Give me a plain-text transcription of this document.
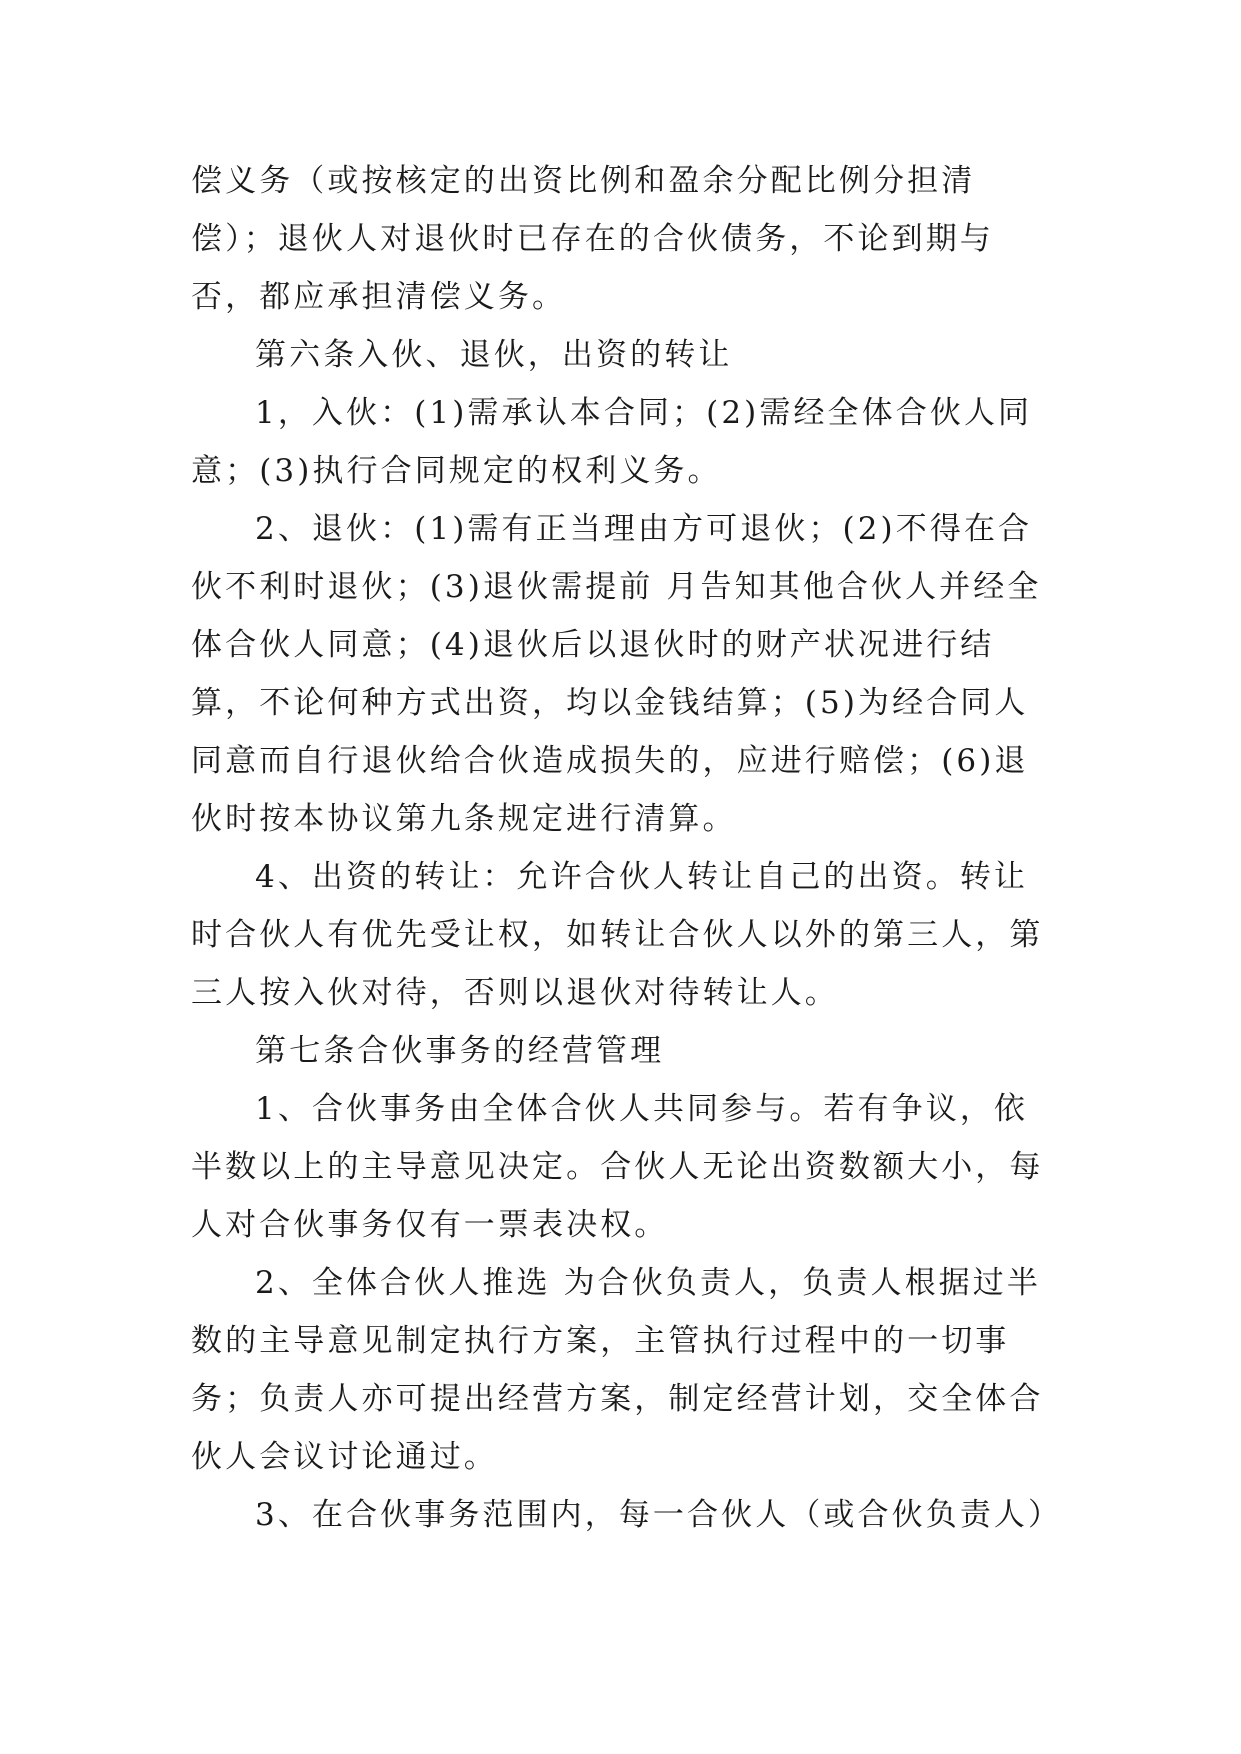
偿义务（或按核定的出资比例和盈余分配比例分担清偿）；退伙人对退伙时已存在的合伙债务，不论到期与否，都应承担清偿义务。

第六条入伙、退伙，出资的转让

1，入伙：(1)需承认本合同；(2)需经全体合伙人同意；(3)执行合同规定的权利义务。

2、退伙：(1)需有正当理由方可退伙；(2)不得在合伙不利时退伙；(3)退伙需提前 月告知其他合伙人并经全体合伙人同意；(4)退伙后以退伙时的财产状况进行结算，不论何种方式出资，均以金钱结算；(5)为经合同人同意而自行退伙给合伙造成损失的，应进行赔偿；(6)退伙时按本协议第九条规定进行清算。

4、出资的转让：允许合伙人转让自己的出资。转让时合伙人有优先受让权，如转让合伙人以外的第三人，第三人按入伙对待，否则以退伙对待转让人。

第七条合伙事务的经营管理

1、合伙事务由全体合伙人共同参与。若有争议，依半数以上的主导意见决定。合伙人无论出资数额大小，每人对合伙事务仅有一票表决权。

2、全体合伙人推选 为合伙负责人，负责人根据过半数的主导意见制定执行方案，主管执行过程中的一切事务；负责人亦可提出经营方案，制定经营计划，交全体合伙人会议讨论通过。

3、在合伙事务范围内，每一合伙人（或合伙负责人）
